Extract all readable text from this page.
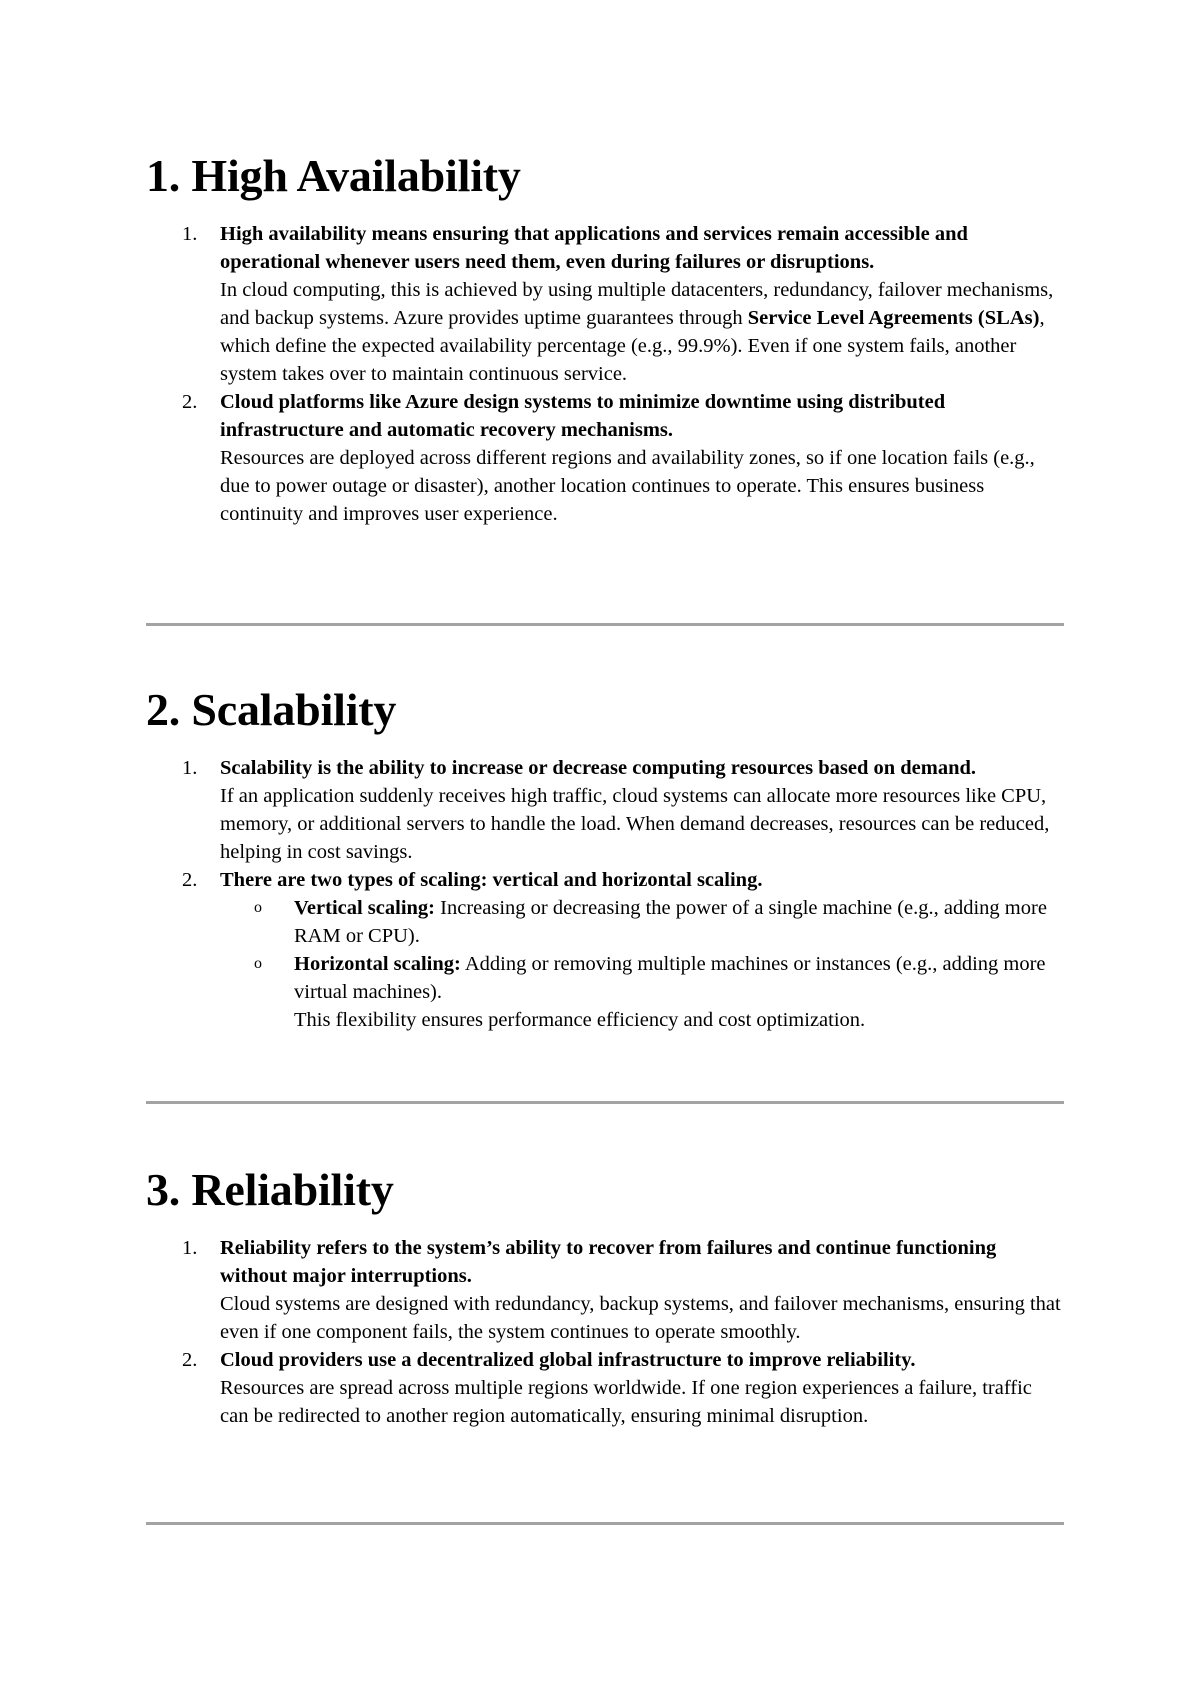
1. High Availability
1.	High availability means ensuring that applications and services remain accessible and operational whenever users need them, even during failures or disruptions.
In cloud computing, this is achieved by using multiple datacenters, redundancy, failover mechanisms, and backup systems. Azure provides uptime guarantees through Service Level Agreements (SLAs), which define the expected availability percentage (e.g., 99.9%). Even if one system fails, another system takes over to maintain continuous service.
2.	Cloud platforms like Azure design systems to minimize downtime using distributed infrastructure and automatic recovery mechanisms.
Resources are deployed across different regions and availability zones, so if one location fails (e.g., due to power outage or disaster), another location continues to operate. This ensures business continuity and improves user experience.
2. Scalability
1.	Scalability is the ability to increase or decrease computing resources based on demand.
If an application suddenly receives high traffic, cloud systems can allocate more resources like CPU, memory, or additional servers to handle the load. When demand decreases, resources can be reduced, helping in cost savings.
2.	There are two types of scaling: vertical and horizontal scaling.
o Vertical scaling: Increasing or decreasing the power of a single machine (e.g., adding more RAM or CPU).
o Horizontal scaling: Adding or removing multiple machines or instances (e.g., adding more virtual machines).
This flexibility ensures performance efficiency and cost optimization.
3. Reliability
1.	Reliability refers to the system’s ability to recover from failures and continue functioning without major interruptions.
Cloud systems are designed with redundancy, backup systems, and failover mechanisms, ensuring that even if one component fails, the system continues to operate smoothly.
2.	Cloud providers use a decentralized global infrastructure to improve reliability.
Resources are spread across multiple regions worldwide. If one region experiences a failure, traffic can be redirected to another region automatically, ensuring minimal disruption.
